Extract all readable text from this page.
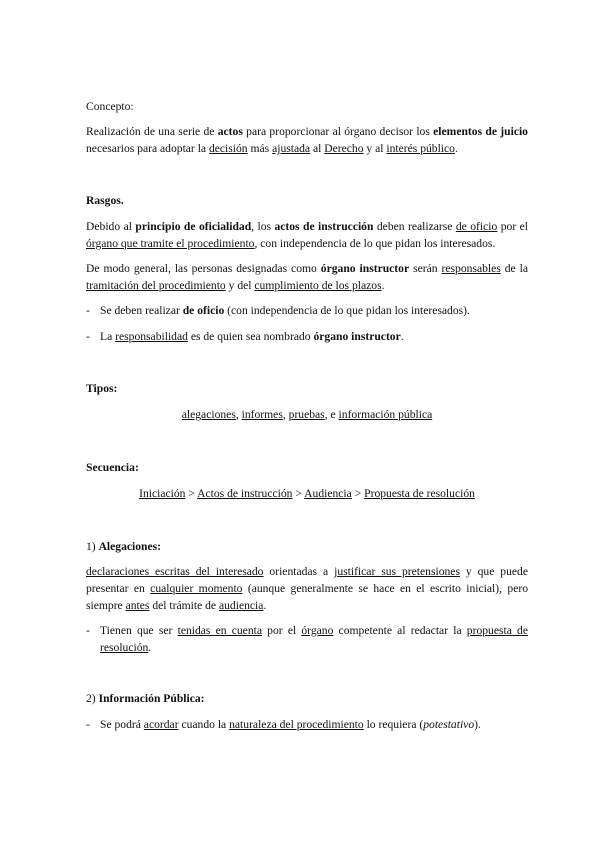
Concepto:

Realización de una serie de actos para proporcionar al órgano decisor los elementos de juicio necesarios para adoptar la decisión más ajustada al Derecho y al interés público.

Rasgos.

Debido al principio de oficialidad, los actos de instrucción deben realizarse de oficio por el órgano que tramite el procedimiento, con independencia de lo que pidan los interesados.

De modo general, las personas designadas como órgano instructor serán responsables de la tramitación del procedimiento y del cumplimiento de los plazos.

- Se deben realizar de oficio (con independencia de lo que pidan los interesados).
- La responsabilidad es de quien sea nombrado órgano instructor.

Tipos:

alegaciones, informes, pruebas, e información pública

Secuencia:

Iniciación > Actos de instrucción > Audiencia > Propuesta de resolución

1) Alegaciones:

declaraciones escritas del interesado orientadas a justificar sus pretensiones y que puede presentar en cualquier momento (aunque generalmente se hace en el escrito inicial), pero siempre antes del trámite de audiencia.

- Tienen que ser tenidas en cuenta por el órgano competente al redactar la propuesta de resolución.

2) Información Pública:

- Se podrá acordar cuando la naturaleza del procedimiento lo requiera (potestativo).
